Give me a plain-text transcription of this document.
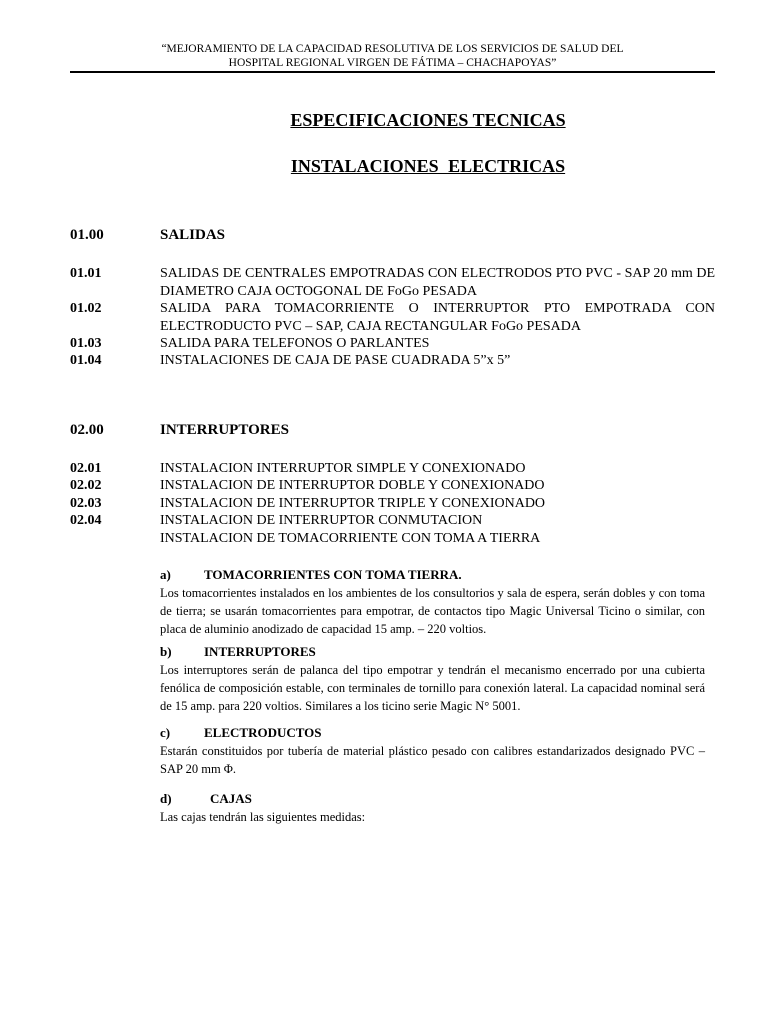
“MEJORAMIENTO DE LA CAPACIDAD RESOLUTIVA DE LOS SERVICIOS DE SALUD DEL
HOSPITAL REGIONAL VIRGEN DE FÁTIMA – CHACHAPOYAS”
ESPECIFICACIONES TECNICAS
INSTALACIONES ELECTRICAS
01.00	SALIDAS
01.01	SALIDAS DE CENTRALES EMPOTRADAS CON ELECTRODOS PTO PVC - SAP 20 mm DE DIAMETRO CAJA OCTOGONAL DE FoGo PESADA
01.02	SALIDA PARA TOMACORRIENTE O INTERRUPTOR PTO EMPOTRADA CON ELECTRODUCTO PVC – SAP, CAJA RECTANGULAR FoGo PESADA
01.03	SALIDA PARA TELEFONOS O PARLANTES
01.04	INSTALACIONES DE CAJA DE PASE CUADRADA 5”x 5”
02.00	INTERRUPTORES
02.01	INSTALACION INTERRUPTOR SIMPLE Y CONEXIONADO
02.02	INSTALACION DE INTERRUPTOR DOBLE Y CONEXIONADO
02.03	INSTALACION DE INTERRUPTOR TRIPLE Y CONEXIONADO
02.04	INSTALACION DE INTERRUPTOR CONMUTACION
INSTALACION DE TOMACORRIENTE CON TOMA A TIERRA
a)	TOMACORRIENTES CON TOMA TIERRA.
Los tomacorrientes instalados en los ambientes de los consultorios y sala de espera, serán dobles y con toma de tierra; se usarán tomacorrientes para empotrar, de contactos tipo Magic Universal Ticino o similar, con placa de aluminio anodizado de capacidad 15 amp. – 220 voltios.
b) INTERRUPTORES
Los interruptores serán de palanca del tipo empotrar y tendrán el mecanismo encerrado por una cubierta fenólica de composición estable, con terminales de tornillo para conexión lateral. La capacidad nominal será de 15 amp. para 220 voltios. Similares a los ticino serie Magic N° 5001.
c)	ELECTRODUCTOS
Estarán constituidos por tubería de material plástico pesado con calibres estandarizados designado PVC – SAP 20 mm Φ.
d)	CAJAS
Las cajas tendrán las siguientes medidas:
